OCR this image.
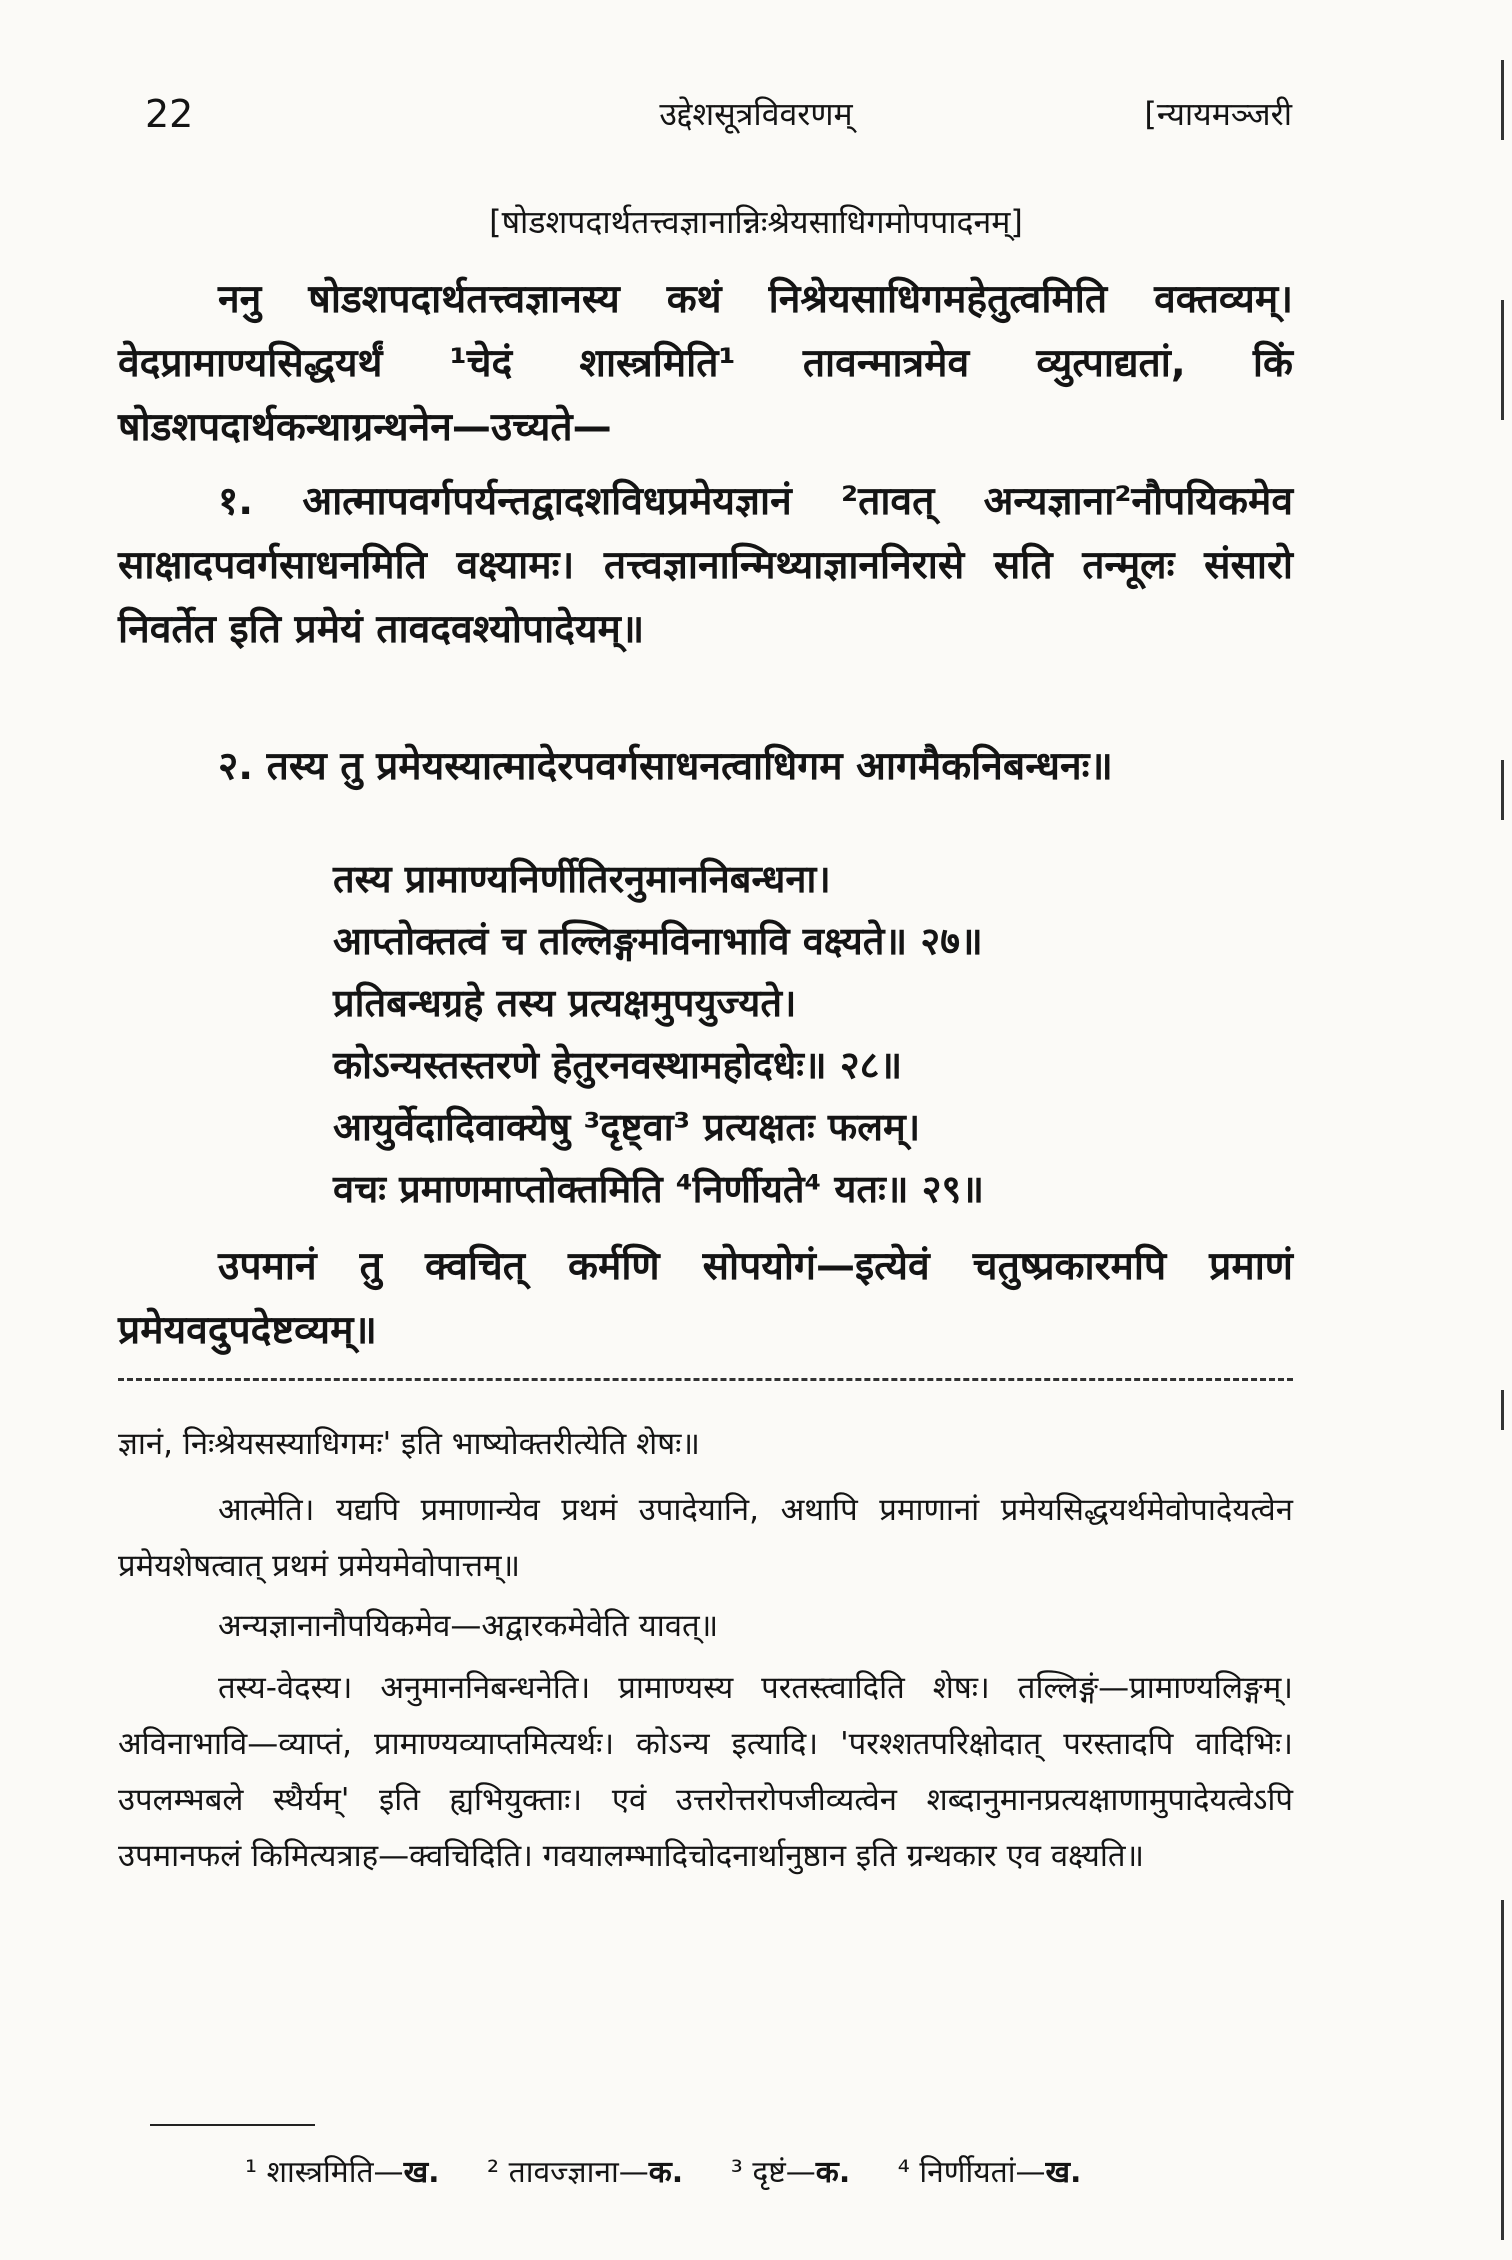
22	उद्देशसूत्रविवरणम्	[न्यायमञ्जरी
[षोडशपदार्थतत्त्वज्ञानान्निःश्रेयसाधिगमोपपादनम्]

ननु षोडशपदार्थतत्त्वज्ञानस्य कथं निश्रेयसाधिगमहेतुत्वमिति वक्तव्यम्। वेदप्रामाण्यसिद्धयर्थं ¹चेदं शास्त्रमिति¹ तावन्मात्रमेव व्युत्पाद्यतां, किं षोडशपदार्थकन्थाग्रन्थनेन—उच्यते—

१. आत्मापवर्गपर्यन्तद्वादशविधप्रमेयज्ञानं ²तावत् अन्यज्ञाना²नौपयिकमेव साक्षादपवर्गसाधनमिति वक्ष्यामः। तत्त्वज्ञानान्मिथ्याज्ञाननिरासे सति तन्मूलः संसारो निवर्तेत इति प्रमेयं तावदवश्योपादेयम्॥

२. तस्य तु प्रमेयस्यात्मादेरपवर्गसाधनत्वाधिगम आगमैकनिबन्धनः॥

तस्य प्रामाण्यनिर्णीतिरनुमाननिबन्धना।
आप्तोक्तत्वं च तल्लिङ्गमविनाभावि वक्ष्यते॥ २७॥
प्रतिबन्धग्रहे तस्य प्रत्यक्षमुपयुज्यते।
कोऽन्यस्तस्तरणे हेतुरनवस्थामहोदधेः॥ २८॥
आयुर्वेदादिवाक्येषु ³दृष्ट्वा³ प्रत्यक्षतः फलम्।
वचः प्रमाणमाप्तोक्तमिति ⁴निर्णीयते⁴ यतः॥ २९॥

उपमानं तु क्वचित् कर्मणि सोपयोगं—इत्येवं चतुष्प्रकारमपि प्रमाणं प्रमेयवदुपदेष्टव्यम्॥

ज्ञानं, निःश्रेयसस्याधिगमः' इति भाष्योक्तरीत्येति शेषः॥

आत्मेति। यद्यपि प्रमाणान्येव प्रथमं उपादेयानि, अथापि प्रमाणानां प्रमेयसिद्धयर्थमेवोपादेयत्वेन प्रमेयशेषत्वात् प्रथमं प्रमेयमेवोपात्तम्॥

अन्यज्ञानानौपयिकमेव—अद्वारकमेवेति यावत्॥

तस्य-वेदस्य। अनुमाननिबन्धनेति। प्रामाण्यस्य परतस्त्वादिति शेषः। तल्लिङ्गं—प्रामाण्यलिङ्गम्। अविनाभावि—व्याप्तं, प्रामाण्यव्याप्तमित्यर्थः। कोऽन्य इत्यादि। 'परश्शतपरिक्षोदात् परस्तादपि वादिभिः। उपलम्भबले स्थैर्यम्' इति ह्यभियुक्ताः। एवं उत्तरोत्तरोपजीव्यत्वेन शब्दानुमानप्रत्यक्षाणामुपादेयत्वेऽपि उपमानफलं किमित्यत्राह—क्वचिदिति। गवयालम्भादिचोदनार्थानुष्ठान इति ग्रन्थकार एव वक्ष्यति॥

¹ शास्त्रमिति—ख. ² तावज्ज्ञाना—क. ³ दृष्टं—क. ⁴ निर्णीयतां—ख.
